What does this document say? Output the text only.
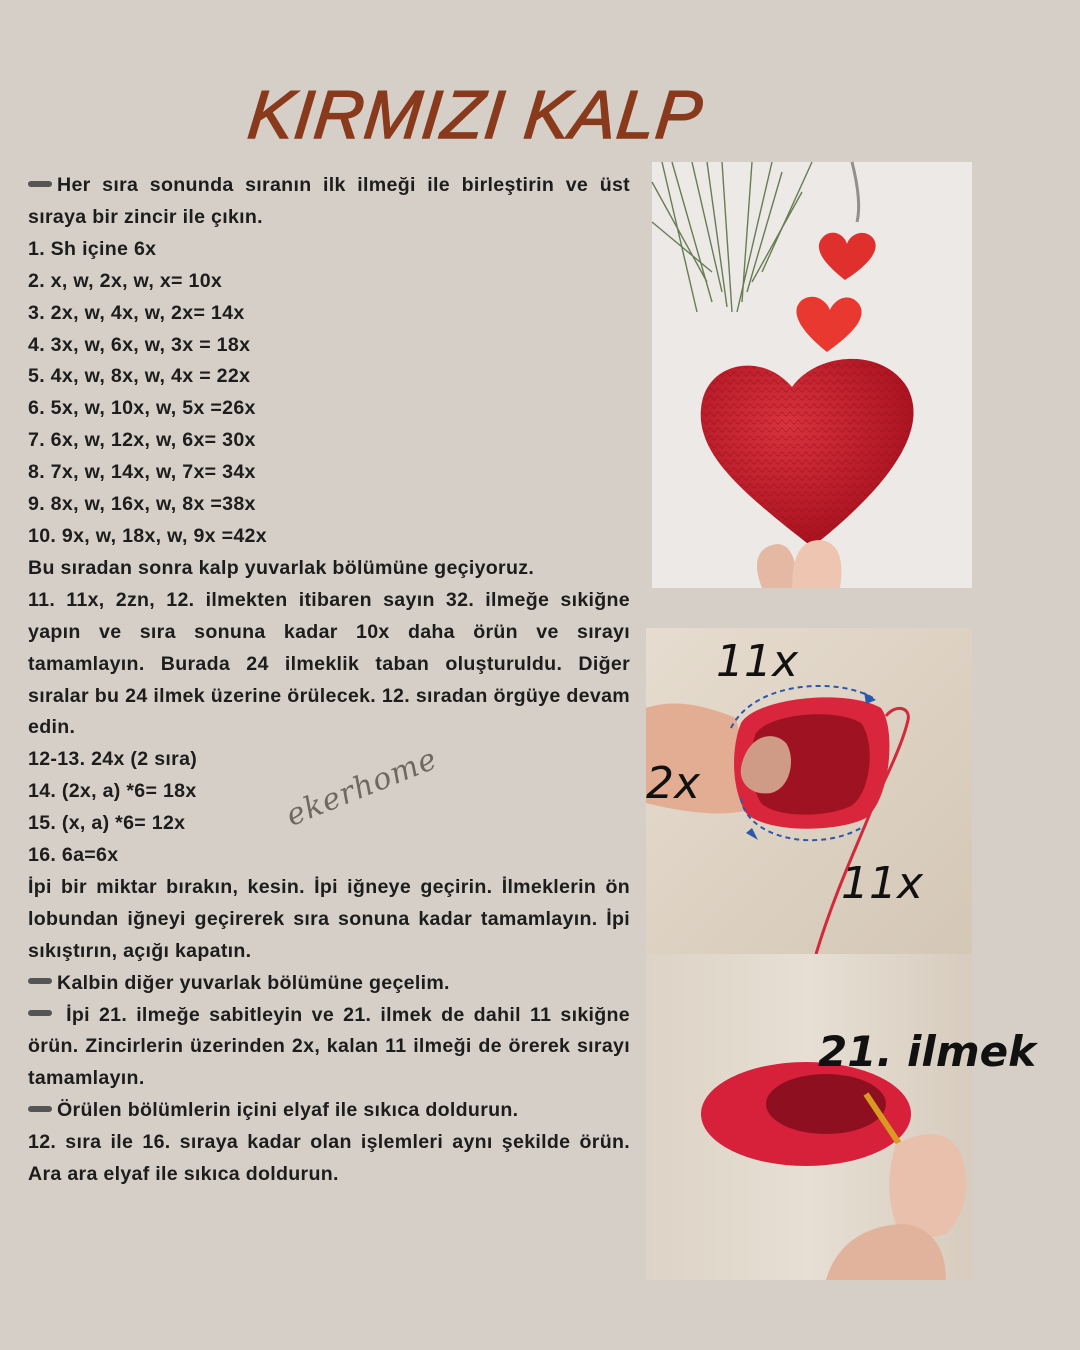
KIRMIZI KALP

Her sıra sonunda sıranın ilk ilmeği ile birleştirin ve üst sıraya bir zincir ile çıkın.

1. Sh içine 6x

2. x, w, 2x, w, x= 10x

3. 2x, w, 4x, w, 2x= 14x

4. 3x, w, 6x, w, 3x = 18x

5. 4x, w, 8x, w, 4x = 22x

6. 5x, w, 10x, w, 5x =26x

7. 6x, w, 12x, w, 6x= 30x

8. 7x, w, 14x, w, 7x= 34x

9. 8x, w, 16x, w, 8x =38x

10. 9x, w, 18x, w, 9x =42x

Bu sıradan sonra kalp yuvarlak bölümüne geçiyoruz.

11. 11x, 2zn, 12. ilmekten itibaren sayın 32. ilmeğe sıkiğne yapın ve sıra sonuna kadar 10x daha örün ve sırayı tamamlayın. Burada 24 ilmeklik taban oluşturuldu. Diğer sıralar bu 24 ilmek üzerine örülecek. 12. sıradan örgüye devam edin.

12-13. 24x (2 sıra)

14. (2x, a) *6= 18x

15. (x, a) *6= 12x

16. 6a=6x

İpi bir miktar bırakın, kesin. İpi iğneye geçirin. İlmeklerin ön lobundan iğneyi geçirerek sıra sonuna kadar tamamlayın. İpi sıkıştırın, açığı kapatın.

Kalbin diğer yuvarlak bölümüne geçelim.

İpi 21. ilmeğe sabitleyin ve 21. ilmek de dahil 11 sıkiğne örün. Zincirlerin üzerinden 2x, kalan 11 ilmeği de örerek sırayı tamamlayın.

Örülen bölümlerin içini elyaf ile sıkıca doldurun.

12. sıra ile 16. sıraya kadar olan işlemleri aynı şekilde örün. Ara ara elyaf ile sıkıca doldurun.

ekerhome
11x
2x
11x
21. ilmek
